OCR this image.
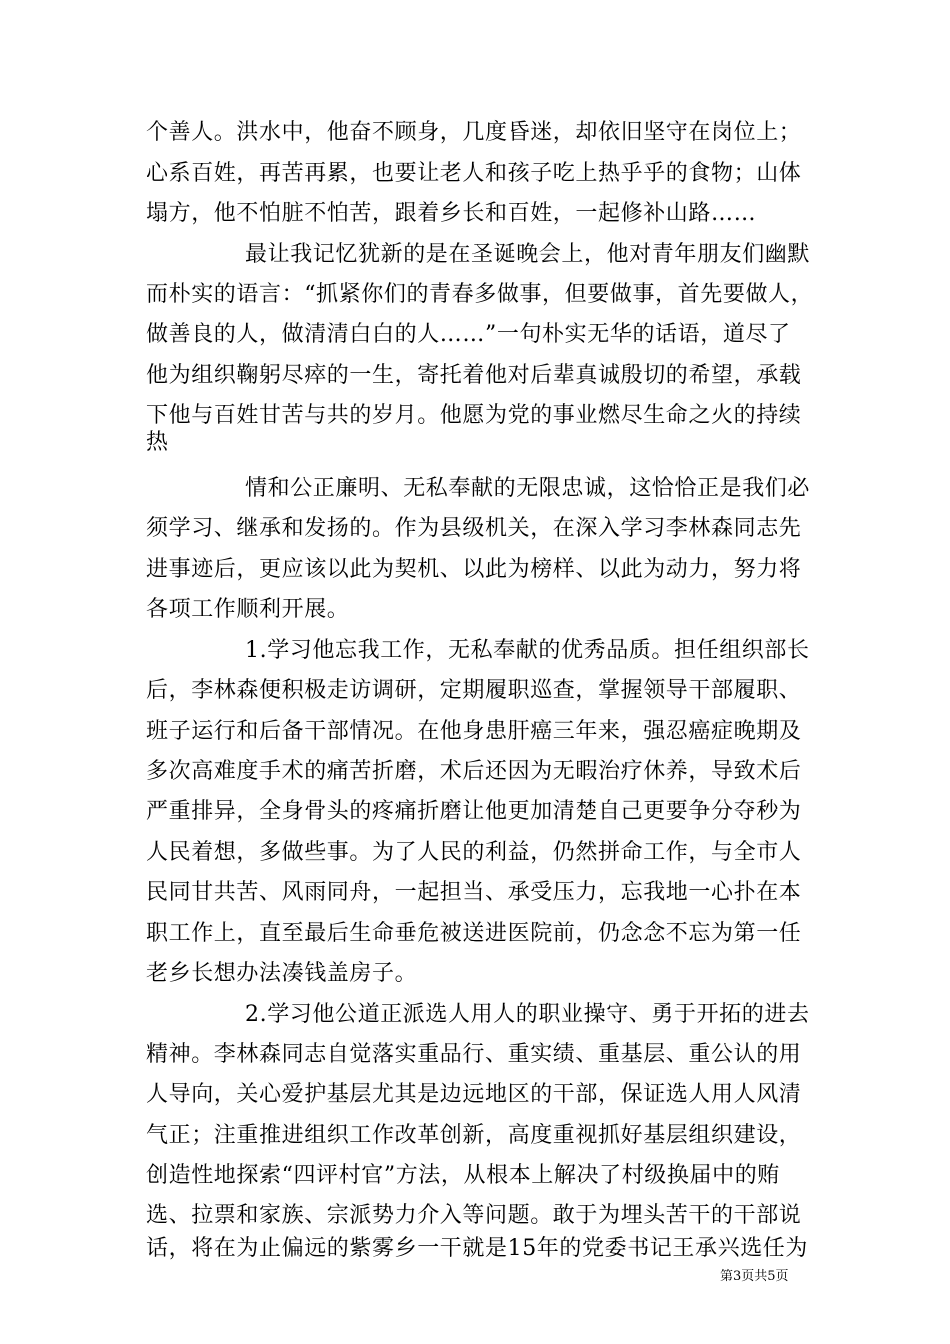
个善人。洪水中，他奋不顾身，几度昏迷，却依旧坚守在岗位上；
心系百姓，再苦再累，也要让老人和孩子吃上热乎乎的食物；山体
塌方，他不怕脏不怕苦，跟着乡长和百姓，一起修补山路……
最让我记忆犹新的是在圣诞晚会上，他对青年朋友们幽默
而朴实的语言：“抓紧你们的青春多做事，但要做事，首先要做人，
做善良的人，做清清白白的人……”一句朴实无华的话语，道尽了
他为组织鞠躬尽瘁的一生，寄托着他对后辈真诚殷切的希望，承载
下他与百姓甘苦与共的岁月。他愿为党的事业燃尽生命之火的持续
热
情和公正廉明、无私奉献的无限忠诚，这恰恰正是我们必
须学习、继承和发扬的。作为县级机关，在深入学习李林森同志先
进事迹后，更应该以此为契机、以此为榜样、以此为动力，努力将
各项工作顺利开展。
1.学习他忘我工作，无私奉献的优秀品质。担任组织部长
后，李林森便积极走访调研，定期履职巡查，掌握领导干部履职、
班子运行和后备干部情况。在他身患肝癌三年来，强忍癌症晚期及
多次高难度手术的痛苦折磨，术后还因为无暇治疗休养，导致术后
严重排异，全身骨头的疼痛折磨让他更加清楚自己更要争分夺秒为
人民着想，多做些事。为了人民的利益，仍然拼命工作，与全市人
民同甘共苦、风雨同舟，一起担当、承受压力，忘我地一心扑在本
职工作上，直至最后生命垂危被送进医院前，仍念念不忘为第一任
老乡长想办法凑钱盖房子。
2.学习他公道正派选人用人的职业操守、勇于开拓的进去
精神。李林森同志自觉落实重品行、重实绩、重基层、重公认的用
人导向，关心爱护基层尤其是边远地区的干部，保证选人用人风清
气正；注重推进组织工作改革创新，高度重视抓好基层组织建设，
创造性地探索“四评村官”方法，从根本上解决了村级换届中的贿
选、拉票和家族、宗派势力介入等问题。敢于为埋头苦干的干部说
话，将在为止偏远的紫雾乡一干就是15年的党委书记王承兴选任为
第3页共5页
